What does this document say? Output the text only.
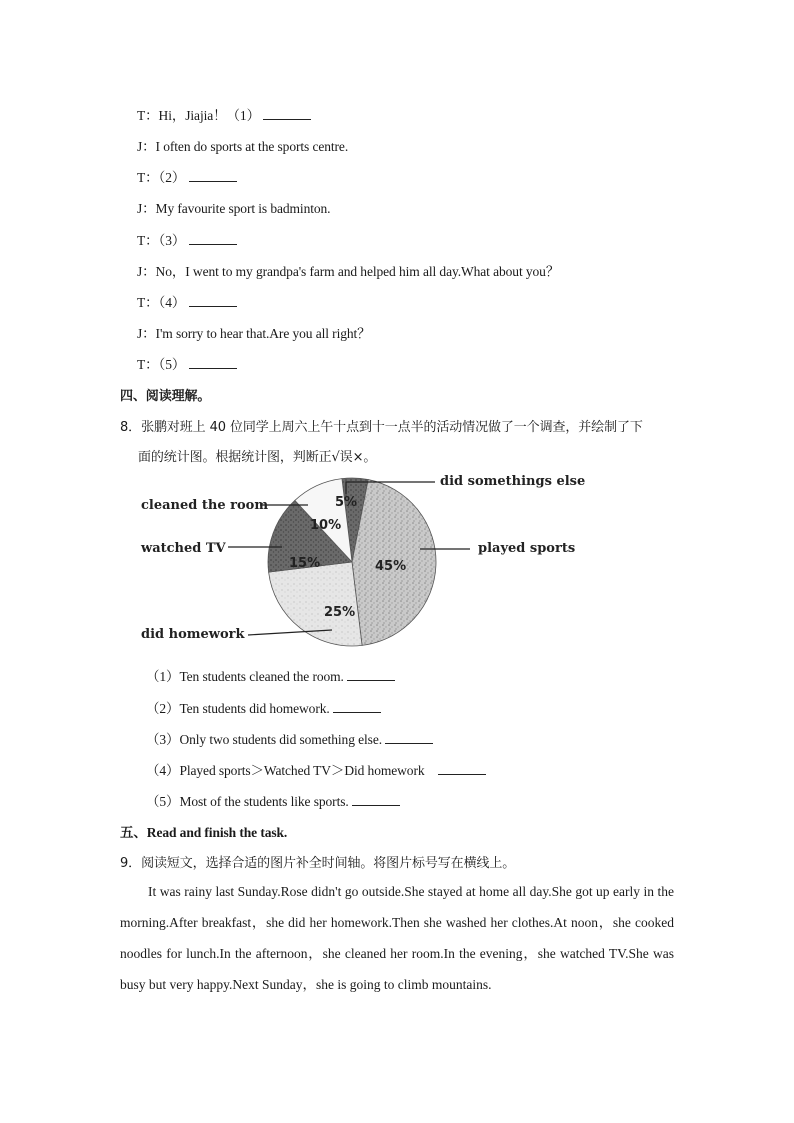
T：Hi，Jiajia！（1）
J：I often do sports at the sports centre.
T：（2）
J：My favourite sport is badminton.
T：（3）
J：No，I went to my grandpa's farm and helped him all day.What about you？
T：（4）
J：I'm sorry to hear that.Are you all right？
T：（5）
四、阅读理解。
8．张鹏对班上 40 位同学上周六上午十点到十一点半的活动情况做了一个调查，并绘制了下
面的统计图。根据统计图，判断正√误×。
cleaned the room
watched TV
did homework
played sports
did somethings else
5%
45%
25%
15%
10%
（1）Ten students cleaned the room.
（2）Ten students did homework.
（3）Only two students did something else.
（4）Played sports＞Watched TV＞Did homework
（5）Most of the students like sports.
五、Read and finish the task.
9．阅读短文，选择合适的图片补全时间轴。将图片标号写在横线上。
It was rainy last Sunday.Rose didn't go outside.She stayed at home all day.She got up early in the morning.After breakfast，she did her homework.Then she washed her clothes.At noon，she cooked noodles for lunch.In the afternoon，she cleaned her room.In the evening，she watched TV.She was busy but very happy.Next Sunday，she is going to climb mountains.
